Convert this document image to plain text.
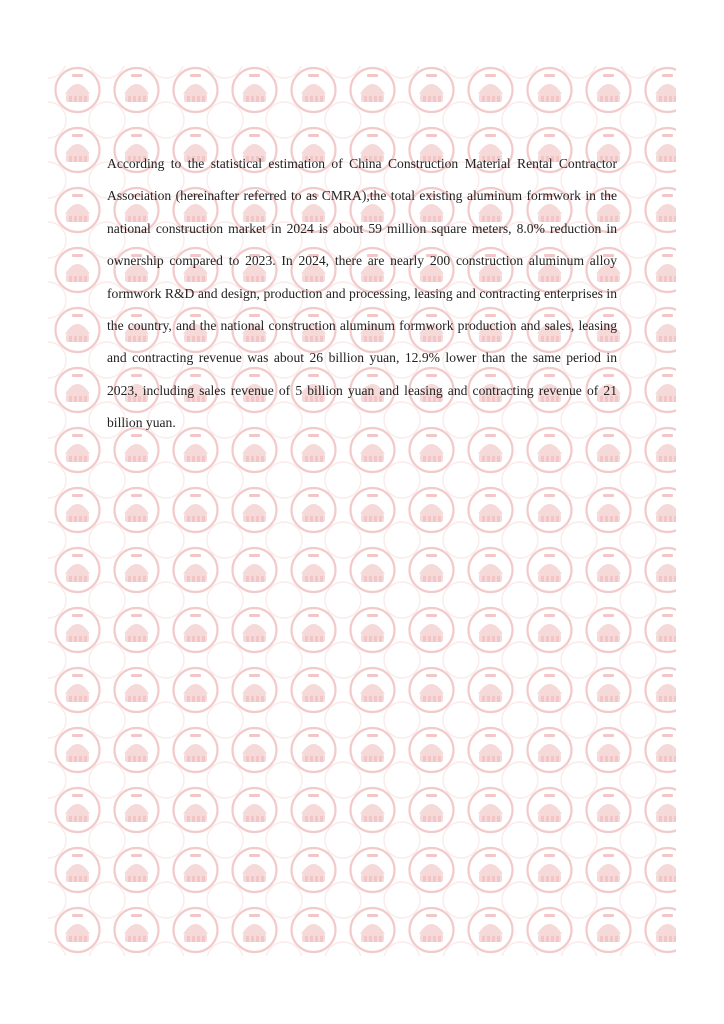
According to the statistical estimation of China Construction Material Rental Contractor Association (hereinafter referred to as CMRA),the total existing aluminum formwork in the national construction market in 2024 is about 59 million square meters, 8.0% reduction in ownership compared to 2023. In 2024, there are nearly 200 construction aluminum alloy formwork R&D and design, production and processing, leasing and contracting enterprises in the country, and the national construction aluminum formwork production and sales, leasing and contracting revenue was about 26 billion yuan, 12.9% lower than the same period in 2023, including sales revenue of 5 billion yuan and leasing and contracting revenue of 21 billion yuan.
